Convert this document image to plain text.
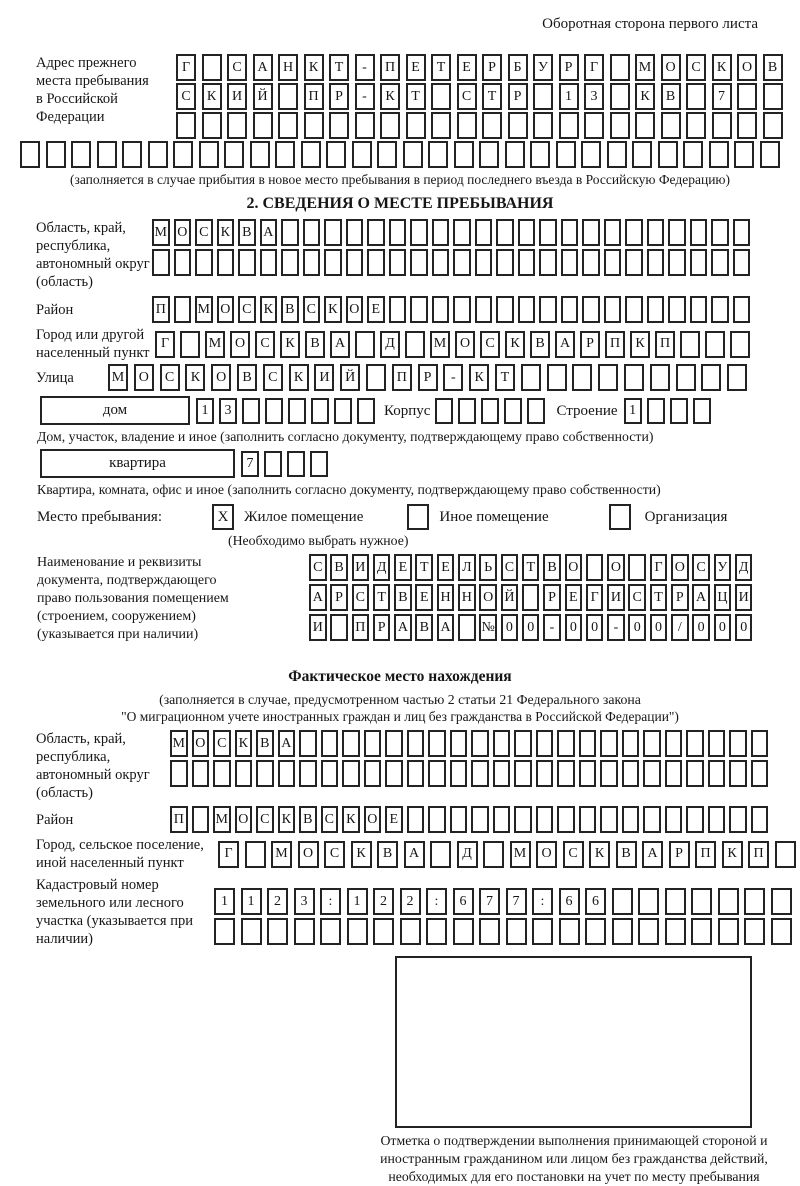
Оборотная сторона первого листа
Адрес прежнего места пребывания в Российской Федерации
Г	С	А	Н	К	Т	-	П	Е	Т	Е	Р	Б	У	Р	Г	М	О	С	К	О	В
С	К	И	Й	П	Р	-	К	Т	С	Т	Р	1	3	К	В	7
(заполняется в случае прибытия в новое место пребывания в период последнего въезда в Российскую Федерацию)
2. СВЕДЕНИЯ О МЕСТЕ ПРЕБЫВАНИЯ
Область, край, республика, автономный округ (область)
М О С К В А
Район	П М О С К В С К О Е
Город или другой населенный пункт
Г	М О	С	К	В	А	Д	М О	С	К	В	А	Р	П	К	П
Улица	М	О	С	К	О	В	С	К	И	Й	П	Р	-	К	Т
дом	1	3	Корпус	Строение 1
Дом, участок, владение и иное (заполнить согласно документу, подтверждающему право собственности)
квартира	7
Квартира, комната, офис и иное (заполнить согласно документу, подтверждающему право собственности)
Место пребывания:	X	Жилое помещение	Иное помещение	Организация
(Необходимо выбрать нужное)
Наименование и реквизиты документа, подтверждающего право пользования помещением (строением, сооружением) (указывается при наличии)
С В И Д Е Т Е Л Ь С Т В О О	Г О С У Д
А Р С Т В Е Н Н О Й	Р Е Г И С Т Р А Ц И
И П Р А В А № 0	0	-	0	0	-	0	0	/	0	0	0
Фактическое место нахождения
(заполняется в случае, предусмотренном частью 2 статьи 21 Федерального закона
"О миграционном учете иностранных граждан и лиц без гражданства в Российской Федерации")
Область, край, республика, автономный округ (область)
М О С К В А
Район	П М О С К В С К О Е
Город, сельское поселение, иной населенный пункт
Г	М	О	С	К	В	А	Д	М	О	С	К	В	А	Р	П	К	П
Кадастровый номер земельного или лесного участка (указывается при наличии)
1	1	2	3	:	1	2	2	:	6	7	7	:	6	6
Отметка о подтверждении выполнения принимающей стороной и иностранным гражданином или лицом без гражданства действий, необходимых для его постановки на учет по месту пребывания
